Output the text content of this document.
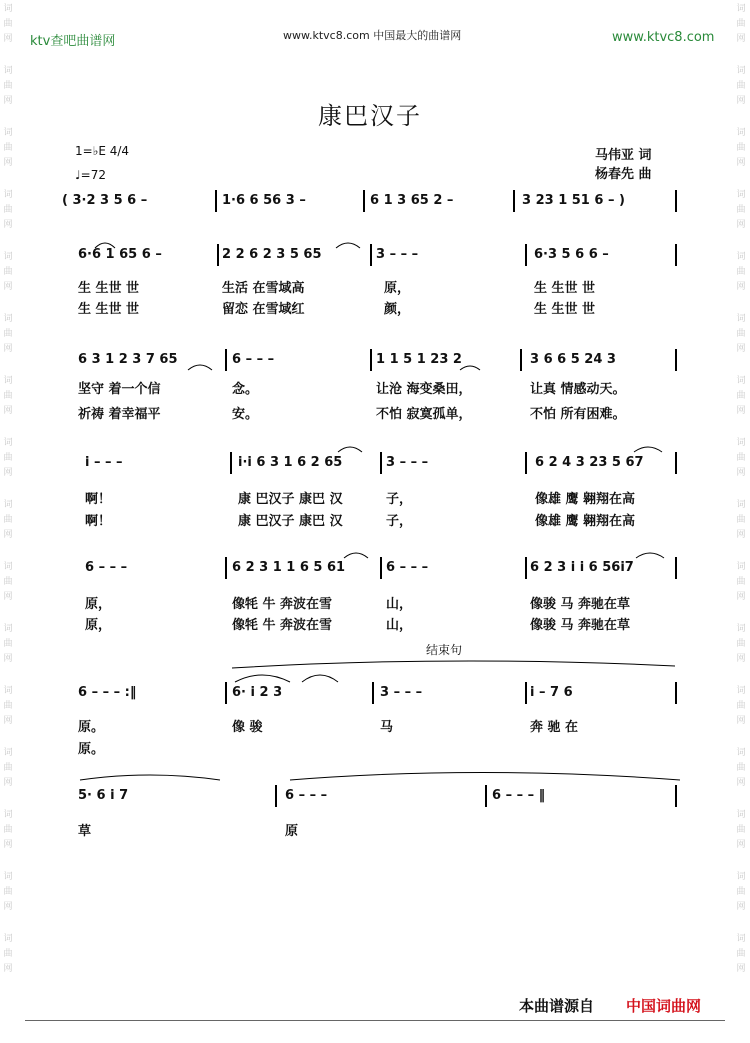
词
曲
网
词
曲
网
词
曲
网
词
曲
网
词
曲
网
词
曲
网
词
曲
网
词
曲
网
词
曲
网
词
曲
网
词
曲
网
词
曲
网
词
曲
网
词
曲
网
词
曲
网
词
曲
网
词
曲
网
词
曲
网
词
曲
网
词
曲
网
词
曲
网
词
曲
网
词
曲
网
词
曲
网
词
曲
网
词
曲
网
词
曲
网
词
曲
网
词
曲
网
词
曲
网
词
曲
网
词
曲
网
ktv查吧曲谱网	www.ktvc8.com 中国最大的曲谱网	www.ktvc8.com
康巴汉子
1=♭E 4/4
♩=72
马伟亚 词
杨春先 曲
结束句
( 3·2 3 5 6 –	1·6 6 56 3 –	6 1 3 65 2 –	3 23 1 51 6 – )
6·6 1 65 6 –	2 2 6 2 3 5 65	3 – – –	6·3 5 6 6 –
生 生世 世	生活 在雪域高	原，	生 生世 世
生 生世 世	留恋 在雪域红	颜，	生 生世 世
6 3 1 2 3 7 65	6 – – –	1 1 5 1 23 2	3 6 6 5 24 3
坚守 着一个信	念。	让沧 海变桑田，	让真 情感动天。
祈祷 着幸福平	安。	不怕 寂寞孤单，	不怕 所有困难。
i – – –	i·i 6 3 1 6 2 65	3 – – –	6 2 4 3 23 5 67
啊！	康 巴汉子 康巴 汉	子，	像雄 鹰 翱翔在高
啊！	康 巴汉子 康巴 汉	子，	像雄 鹰 翱翔在高
6 – – –	6 2 3 1 1 6 5 61	6 – – –	6 2 3 i i 6 56i7
原，	像牦 牛 奔波在雪	山，	像骏 马 奔驰在草
原，	像牦 牛 奔波在雪	山，	像骏 马 奔驰在草
6 – – – :‖	6· i 2 3	3 – – –	i – 7 6
原。	像 骏	马	奔 驰 在
原。
5· 6 i 7	6 – – –	6 – – – ‖
草	原
本曲谱源自 中国词曲网
